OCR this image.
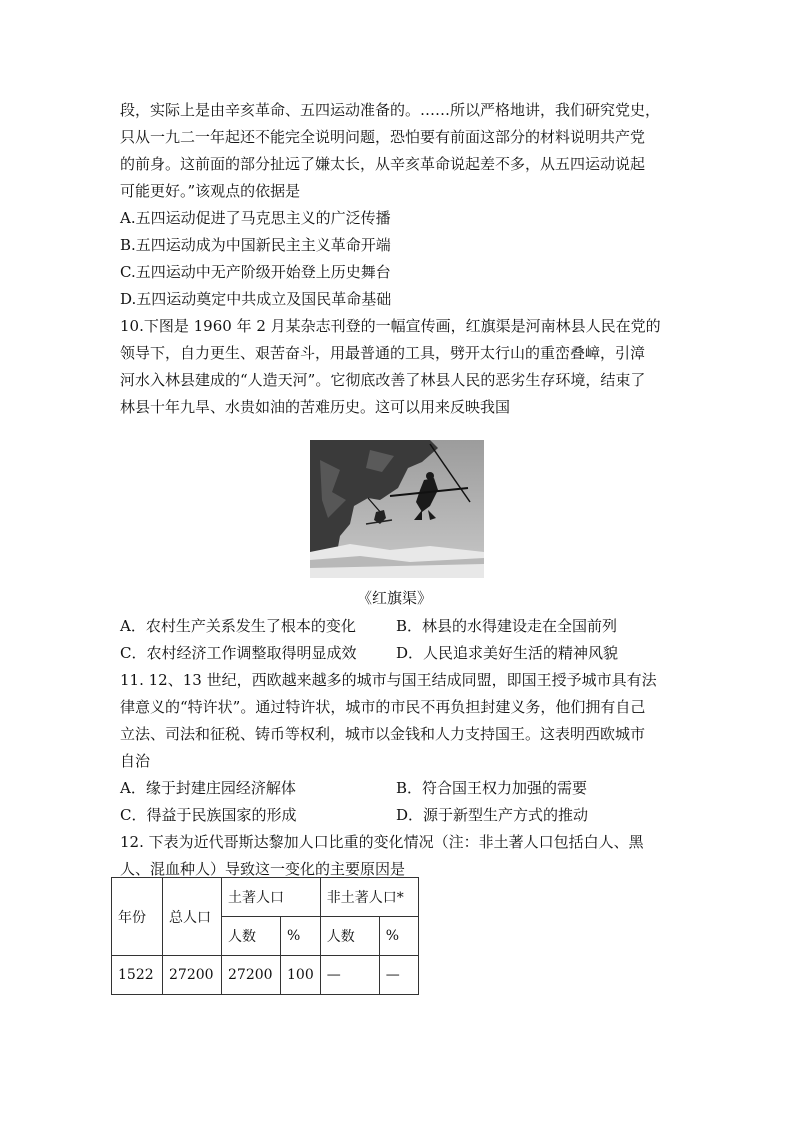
段，实际上是由辛亥革命、五四运动准备的。……所以严格地讲，我们研究党史，
只从一九二一年起还不能完全说明问题，恐怕要有前面这部分的材料说明共产党
的前身。这前面的部分扯远了嫌太长，从辛亥革命说起差不多，从五四运动说起
可能更好。”该观点的依据是
A.五四运动促进了马克思主义的广泛传播
B.五四运动成为中国新民主主义革命开端
C.五四运动中无产阶级开始登上历史舞台
D.五四运动奠定中共成立及国民革命基础
10.下图是 1960 年 2 月某杂志刊登的一幅宣传画，红旗渠是河南林县人民在党的
领导下，自力更生、艰苦奋斗，用最普通的工具，劈开太行山的重峦叠嶂，引漳
河水入林县建成的“人造天河”。它彻底改善了林县人民的恶劣生存环境，结束了
林县十年九旱、水贵如油的苦难历史。这可以用来反映我国
《红旗渠》
A．农村生产关系发生了根本的变化	B．林县的水得建设走在全国前列
C．农村经济工作调整取得明显成效	D．人民追求美好生活的精神风貌
11. 12、13 世纪，西欧越来越多的城市与国王结成同盟，即国王授予城市具有法
律意义的“特许状”。通过特许状，城市的市民不再负担封建义务，他们拥有自己
立法、司法和征税、铸币等权利，城市以金钱和人力支持国王。这表明西欧城市
自治
A．缘于封建庄园经济解体	B．符合国王权力加强的需要
C．得益于民族国家的形成	D．源于新型生产方式的推动
12. 下表为近代哥斯达黎加人口比重的变化情况（注：非土著人口包括白人、黑
人、混血种人）导致这一变化的主要原因是
年份	总人口	土著人口		非土著人口*	
		人数	%	人数	%
1522	27200	27200	100	—	—
